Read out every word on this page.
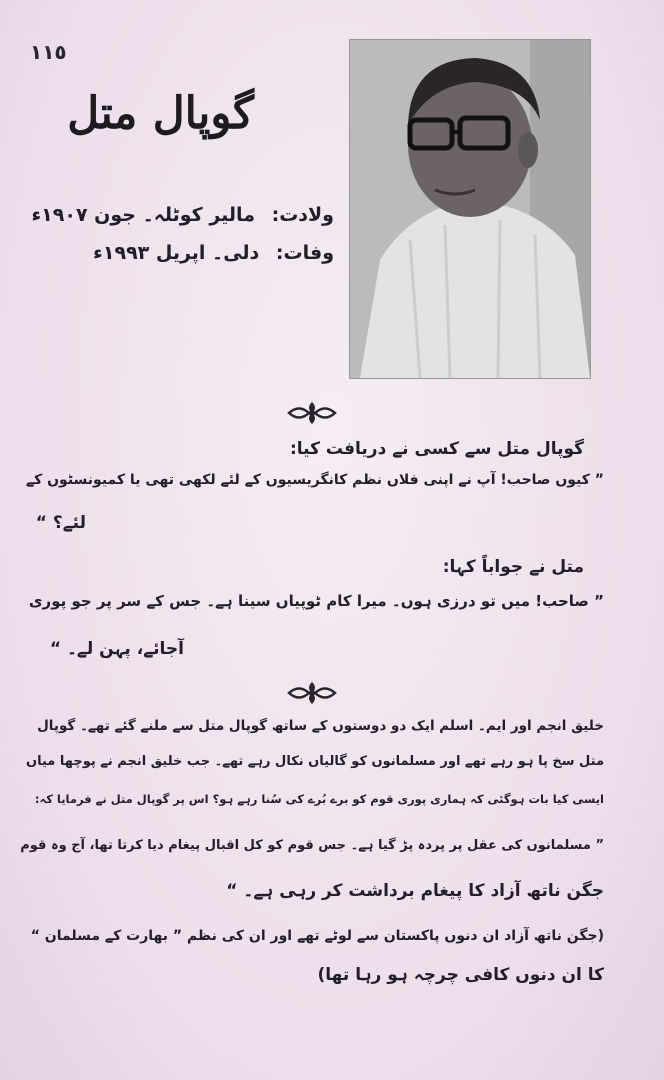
١١٥
گوپال متل
ولادت: مالیر کوٹلہ۔ جون ۱۹۰۷ء
وفات: دلی۔ اپریل ۱۹۹۳ء
گوپال متل سے کسی نے دریافت کیا:
” کیوں صاحب! آپ نے اپنی فلاں نظم کانگریسیوں کے لئے لکھی تھی یا کمیونسٹوں کے
لئے؟ “
متل نے جواباً کہا:
” صاحب! میں تو درزی ہوں۔ میرا کام ٹوپیاں سینا ہے۔ جس کے سر پر جو پوری
آجائے، پہن لے۔ “
خلیق انجم اور ایم۔ اسلم ایک دو دوستوں کے ساتھ گوپال متل سے ملنے گئے تھے۔ گوپال
متل سخ پا ہو رہے تھے اور مسلمانوں کو گالیاں نکال رہے تھے۔ جب خلیق انجم نے پوچھا میاں
ایسی کیا بات ہوگئی کہ ہماری پوری قوم کو برے بُرے کی سُنا رہے ہو؟ اس پر گوپال متل نے فرمایا کہ:
” مسلمانوں کی عقل پر پردہ پڑ گیا ہے۔ جس قوم کو کل اقبال پیغام دیا کرتا تھا، آج وہ قوم
جگن ناتھ آزاد کا پیغام برداشت کر رہی ہے۔ “
(جگن ناتھ آزاد ان دنوں پاکستان سے لوٹے تھے اور ان کی نظم ” بھارت کے مسلمان “
کا ان دنوں کافی چرچہ ہو رہا تھا)
